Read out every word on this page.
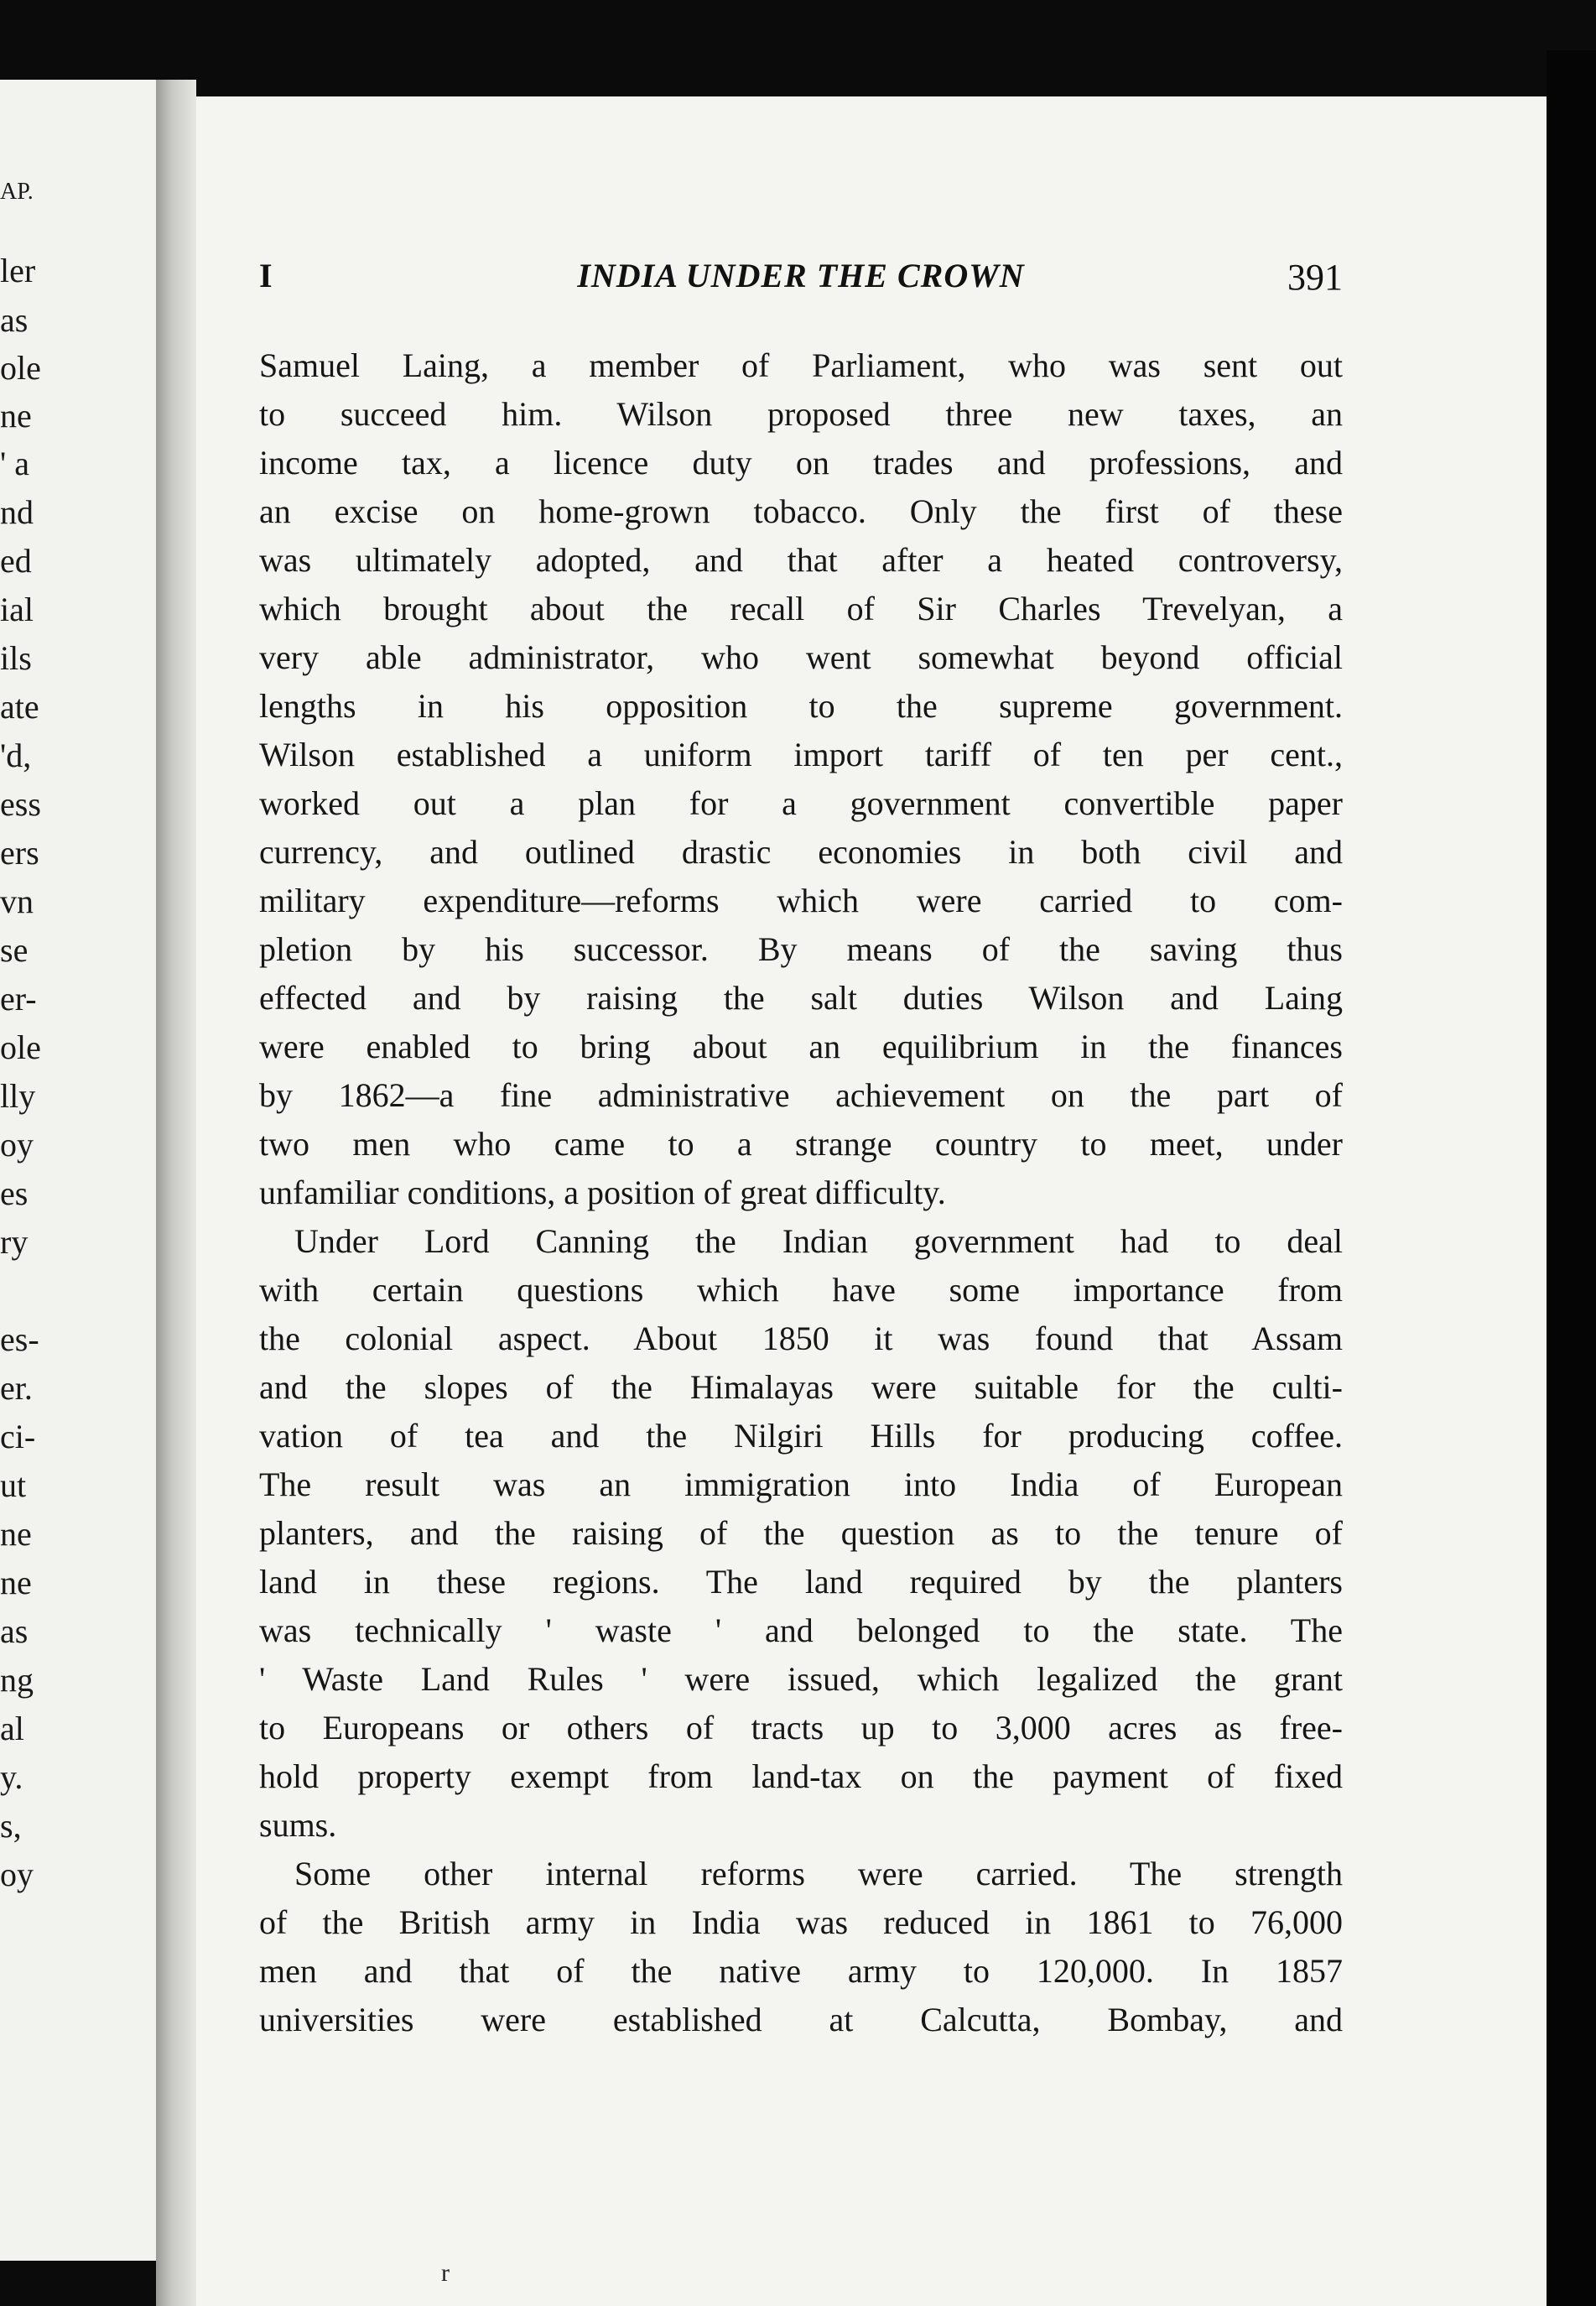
AP.
ler
as
ole
ne
' a
nd
ed
ial
ils
ate
'd,
ess
ers
vn
se
er-
ole
lly
oy
es
ry
es-
er.
ci-
ut
ne
ne
as
ng
al
y.
s,
oy
I	INDIA UNDER THE CROWN	391
Samuel Laing, a member of Parliament, who was sent out
to succeed him. Wilson proposed three new taxes, an
income tax, a licence duty on trades and professions, and
an excise on home-grown tobacco. Only the first of these
was ultimately adopted, and that after a heated controversy,
which brought about the recall of Sir Charles Trevelyan, a
very able administrator, who went somewhat beyond official
lengths in his opposition to the supreme government.
Wilson established a uniform import tariff of ten per cent.,
worked out a plan for a government convertible paper
currency, and outlined drastic economies in both civil and
military expenditure—reforms which were carried to com-
pletion by his successor. By means of the saving thus
effected and by raising the salt duties Wilson and Laing
were enabled to bring about an equilibrium in the finances
by 1862—a fine administrative achievement on the part of
two men who came to a strange country to meet, under
unfamiliar conditions, a position of great difficulty.
Under Lord Canning the Indian government had to deal
with certain questions which have some importance from
the colonial aspect. About 1850 it was found that Assam
and the slopes of the Himalayas were suitable for the culti-
vation of tea and the Nilgiri Hills for producing coffee.
The result was an immigration into India of European
planters, and the raising of the question as to the tenure of
land in these regions. The land required by the planters
was technically ' waste ' and belonged to the state. The
' Waste Land Rules ' were issued, which legalized the grant
to Europeans or others of tracts up to 3,000 acres as free-
hold property exempt from land-tax on the payment of fixed
sums.
Some other internal reforms were carried. The strength
of the British army in India was reduced in 1861 to 76,000
men and that of the native army to 120,000. In 1857
universities were established at Calcutta, Bombay, and
r
